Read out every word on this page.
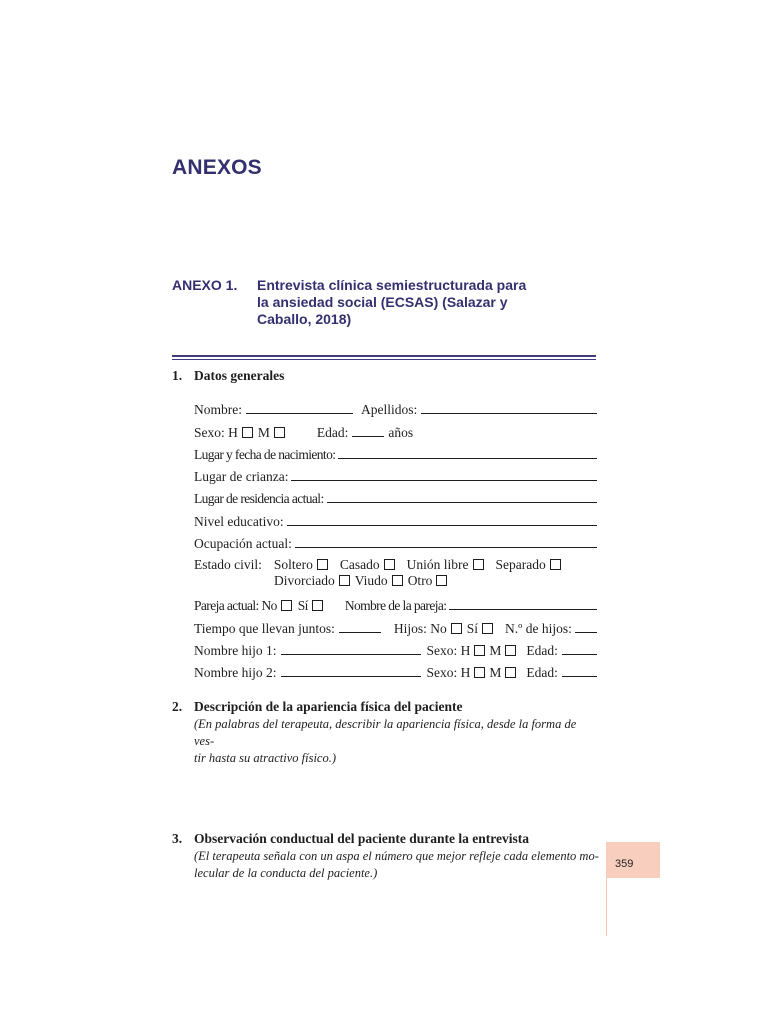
ANEXOS
ANEXO 1. Entrevista clínica semiestructurada para
la ansiedad social (ECSAS) (Salazar y
Caballo, 2018)
1. Datos generales
Nombre:	Apellidos:
Sexo: H M	Edad:	años
Lugar y fecha de nacimiento:
Lugar de crianza:
Lugar de residencia actual:
Nivel educativo:
Ocupación actual:
Estado civil: Soltero Casado Unión libre Separado
Divorciado Viudo Otro
Pareja actual: No Sí	Nombre de la pareja:
Tiempo que llevan juntos:	Hijos: No Sí N.º de hijos:
Nombre hijo 1:	Sexo: H M Edad:
Nombre hijo 2:	Sexo: H M Edad:
2. Descripción de la apariencia física del paciente
(En palabras del terapeuta, describir la apariencia física, desde la forma de ves-
tir hasta su atractivo físico.)
3. Observación conductual del paciente durante la entrevista
(El terapeuta señala con un aspa el número que mejor refleje cada elemento mo-
lecular de la conducta del paciente.)
359
